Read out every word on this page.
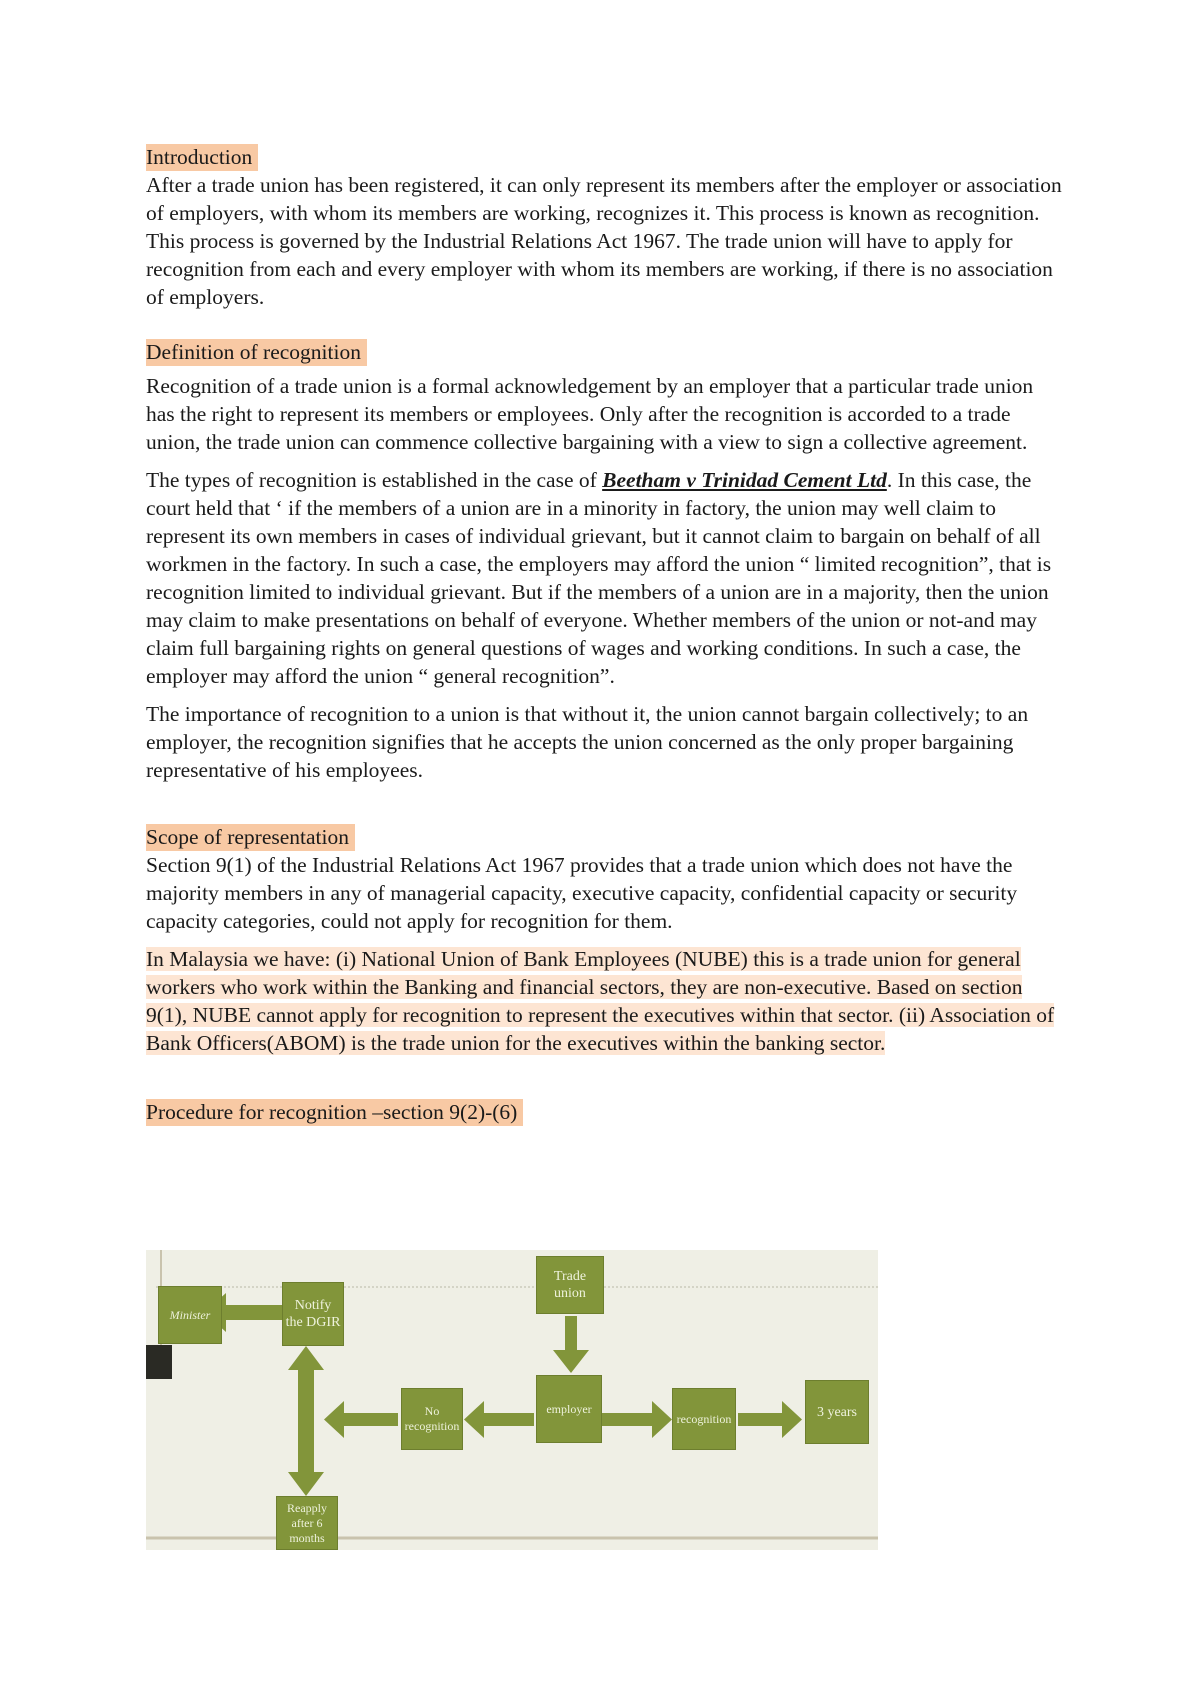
Introduction

After a trade union has been registered, it can only represent its members after the employer or association of employers, with whom its members are working, recognizes it. This process is known as recognition. This process is governed by the Industrial Relations Act 1967. The trade union will have to apply for recognition from each and every employer with whom its members are working, if there is no association of employers.

Definition of recognition

Recognition of a trade union is a formal acknowledgement by an employer that a particular trade union has the right to represent its members or employees. Only after the recognition is accorded to a trade union, the trade union can commence collective bargaining with a view to sign a collective agreement.

The types of recognition is established in the case of Beetham v Trinidad Cement Ltd. In this case, the court held that ‘ if the members of a union are in a minority in factory, the union may well claim to represent its own members in cases of individual grievant, but it cannot claim to bargain on behalf of all workmen in the factory. In such a case, the employers may afford the union “ limited recognition”, that is recognition limited to individual grievant. But if the members of a union are in a majority, then the union may claim to make presentations on behalf of everyone. Whether members of the union or not-and may claim full bargaining rights on general questions of wages and working conditions. In such a case, the employer may afford the union “ general recognition”.

The importance of recognition to a union is that without it, the union cannot bargain collectively; to an employer, the recognition signifies that he accepts the union concerned as the only proper bargaining representative of his employees.

Scope of representation

Section 9(1) of the Industrial Relations Act 1967 provides that a trade union which does not have the majority members in any of managerial capacity, executive capacity, confidential capacity or security capacity categories, could not apply for recognition for them.

In Malaysia we have: (i) National Union of Bank Employees (NUBE) this is a trade union for general workers who work within the Banking and financial sectors, they are non-executive. Based on section 9(1), NUBE cannot apply for recognition to represent the executives within that sector. (ii) Association of Bank Officers(ABOM) is the trade union for the executives within the banking sector.

Procedure for recognition –section 9(2)-(6)
Trade union
Minister
Notify the DGIR
No recognition
employer
recognition	3 years
Reapply after 6 months
